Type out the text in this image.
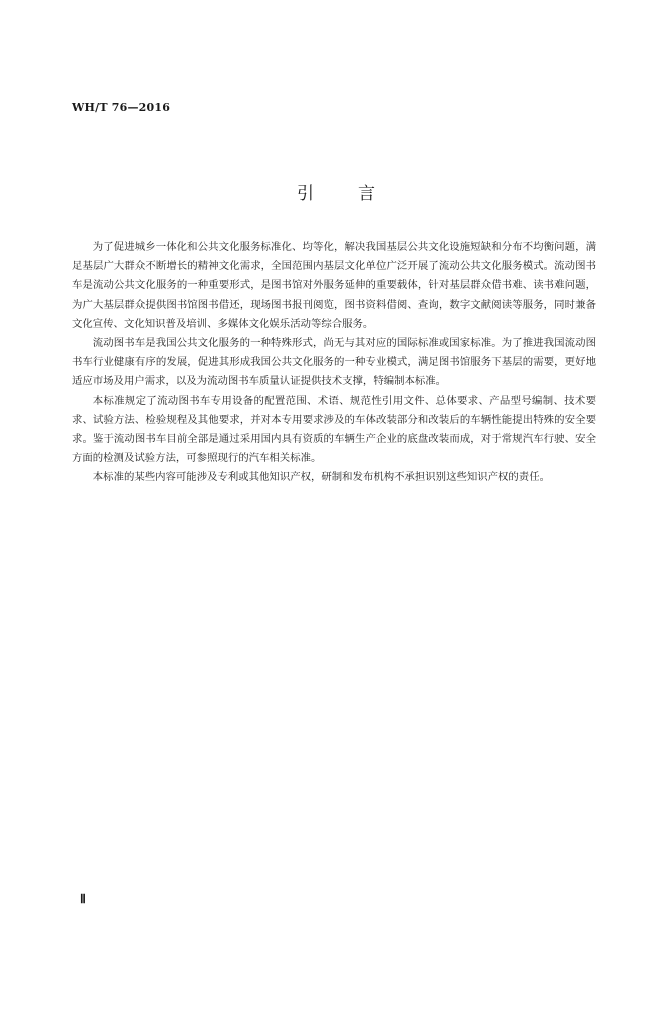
WH/T 76—2016
引言

为了促进城乡一体化和公共文化服务标准化、均等化，解决我国基层公共文化设施短缺和分布不均衡问题，满足基层广大群众不断增长的精神文化需求，全国范围内基层文化单位广泛开展了流动公共文化服务模式。流动图书车是流动公共文化服务的一种重要形式，是图书馆对外服务延伸的重要载体，针对基层群众借书难、读书难问题，为广大基层群众提供图书馆图书借还，现场图书报刊阅览，图书资料借阅、查询，数字文献阅读等服务，同时兼备文化宣传、文化知识普及培训、多媒体文化娱乐活动等综合服务。

流动图书车是我国公共文化服务的一种特殊形式，尚无与其对应的国际标准或国家标准。为了推进我国流动图书车行业健康有序的发展，促进其形成我国公共文化服务的一种专业模式，满足图书馆服务下基层的需要，更好地适应市场及用户需求，以及为流动图书车质量认证提供技术支撑，特编制本标准。

本标准规定了流动图书车专用设备的配置范围、术语、规范性引用文件、总体要求、产品型号编制、技术要求、试验方法、检验规程及其他要求，并对本专用要求涉及的车体改装部分和改装后的车辆性能提出特殊的安全要求。鉴于流动图书车目前全部是通过采用国内具有资质的车辆生产企业的底盘改装而成，对于常规汽车行驶、安全方面的检测及试验方法，可参照现行的汽车相关标准。

本标准的某些内容可能涉及专利或其他知识产权，研制和发布机构不承担识别这些知识产权的责任。

Ⅱ
